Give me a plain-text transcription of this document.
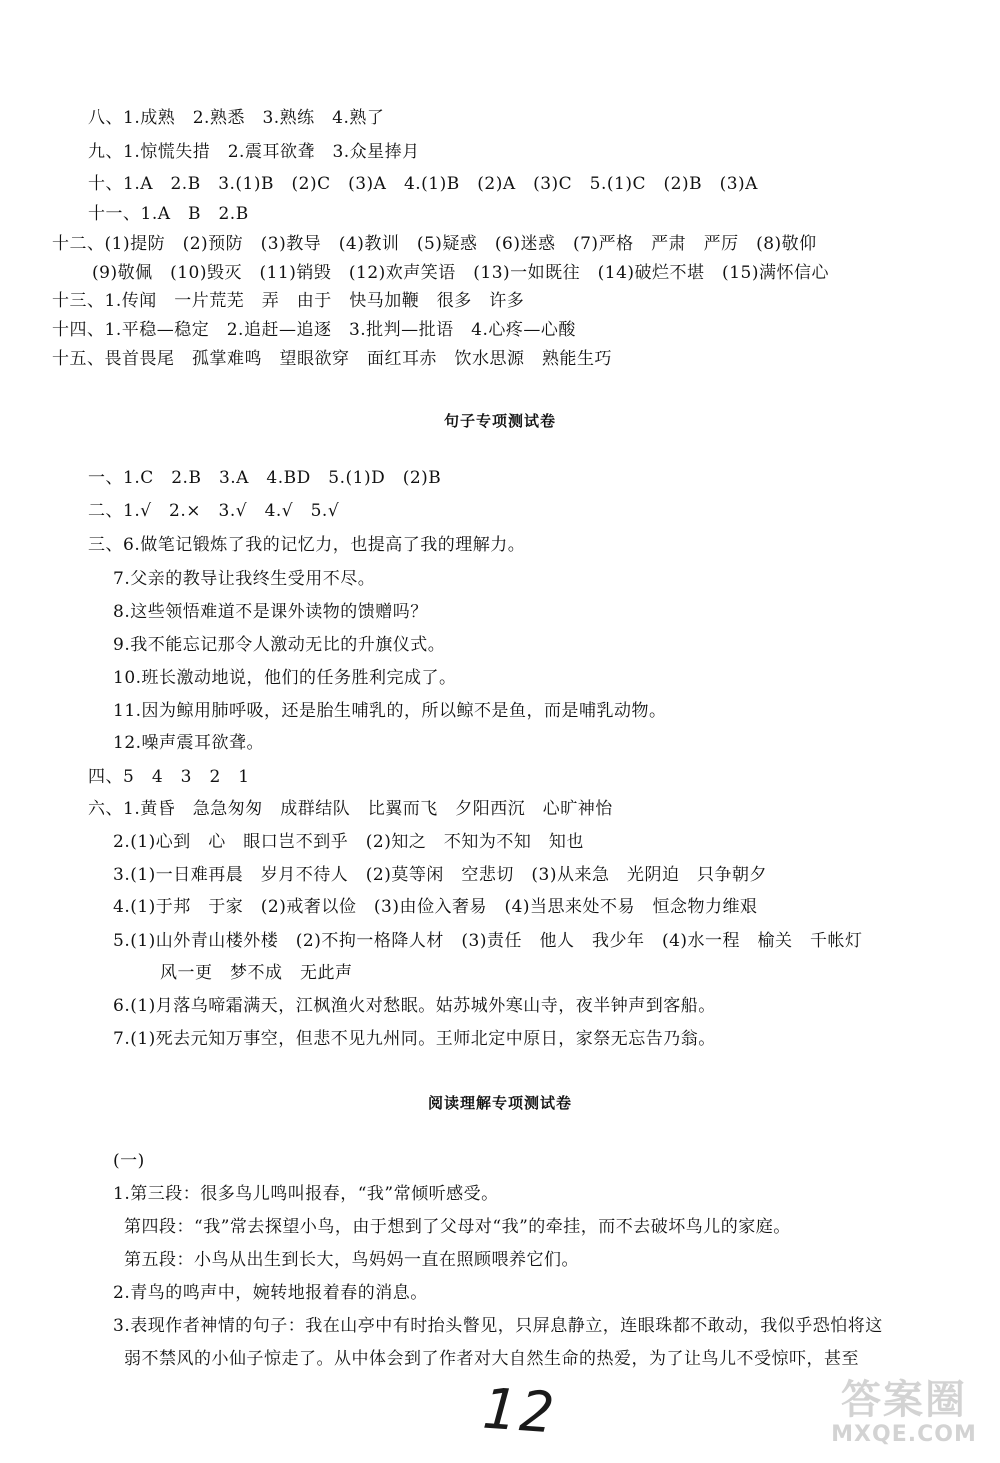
八、1.成熟　2.熟悉　3.熟练　4.熟了
九、1.惊慌失措　2.震耳欲聋　3.众星捧月
十、1.A　2.B　3.(1)B　(2)C　(3)A　4.(1)B　(2)A　(3)C　5.(1)C　(2)B　(3)A
十一、1.A　B　2.B
十二、(1)提防　(2)预防　(3)教导　(4)教训　(5)疑惑　(6)迷惑　(7)严格　严肃　严厉　(8)敬仰
(9)敬佩　(10)毁灭　(11)销毁　(12)欢声笑语　(13)一如既往　(14)破烂不堪　(15)满怀信心
十三、1.传闻　一片荒芜　弄　由于　快马加鞭　很多　许多
十四、1.平稳—稳定　2.追赶—追逐　3.批判—批语　4.心疼—心酸
十五、畏首畏尾　孤掌难鸣　望眼欲穿　面红耳赤　饮水思源　熟能生巧
句子专项测试卷
一、1.C　2.B　3.A　4.BD　5.(1)D　(2)B
二、1.√　2.×　3.√　4.√　5.√
三、6.做笔记锻炼了我的记忆力，也提高了我的理解力。
7.父亲的教导让我终生受用不尽。
8.这些领悟难道不是课外读物的馈赠吗？
9.我不能忘记那令人激动无比的升旗仪式。
10.班长激动地说，他们的任务胜利完成了。
11.因为鲸用肺呼吸，还是胎生哺乳的，所以鲸不是鱼，而是哺乳动物。
12.噪声震耳欲聋。
四、5　4　3　2　1
六、1.黄昏　急急匆匆　成群结队　比翼而飞　夕阳西沉　心旷神怡
2.(1)心到　心　眼口岂不到乎　(2)知之　不知为不知　知也
3.(1)一日难再晨　岁月不待人　(2)莫等闲　空悲切　(3)从来急　光阴迫　只争朝夕
4.(1)于邦　于家　(2)戒奢以俭　(3)由俭入奢易　(4)当思来处不易　恒念物力维艰
5.(1)山外青山楼外楼　(2)不拘一格降人材　(3)责任　他人　我少年　(4)水一程　榆关　千帐灯
风一更　梦不成　无此声
6.(1)月落乌啼霜满天，江枫渔火对愁眠。姑苏城外寒山寺，夜半钟声到客船。
7.(1)死去元知万事空，但悲不见九州同。王师北定中原日，家祭无忘告乃翁。
阅读理解专项测试卷
(一)
1.第三段：很多鸟儿鸣叫报春，“我”常倾听感受。
第四段：“我”常去探望小鸟，由于想到了父母对“我”的牵挂，而不去破坏鸟儿的家庭。
第五段：小鸟从出生到长大，鸟妈妈一直在照顾喂养它们。
2.青鸟的鸣声中，婉转地报着春的消息。
3.表现作者神情的句子：我在山亭中有时抬头瞥见，只屏息静立，连眼珠都不敢动，我似乎恐怕将这
弱不禁风的小仙子惊走了。从中体会到了作者对大自然生命的热爱，为了让鸟儿不受惊吓，甚至
12	答案圈
MXQE.COM
